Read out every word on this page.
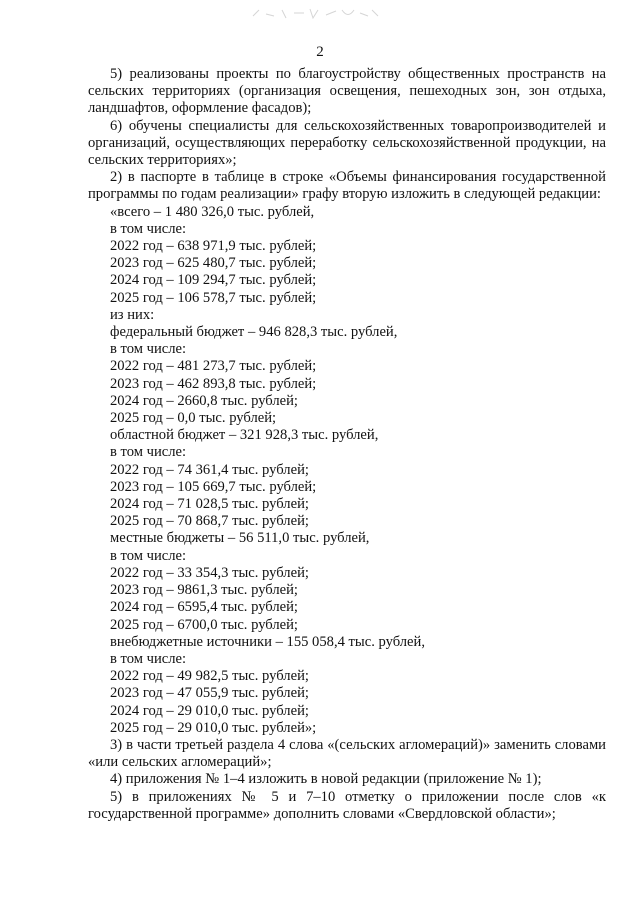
2

5) реализованы проекты по благоустройству общественных пространств на сельских территориях (организация освещения, пешеходных зон, зон отдыха, ландшафтов, оформление фасадов);

6) обучены специалисты для сельскохозяйственных товаропроизводителей и организаций, осуществляющих переработку сельскохозяйственной продукции, на сельских территориях»;

2) в паспорте в таблице в строке «Объемы финансирования государственной программы по годам реализации» графу вторую изложить в следующей редакции:

«всего – 1 480 326,0 тыс. рублей,
в том числе:
2022 год – 638 971,9 тыс. рублей;
2023 год – 625 480,7 тыс. рублей;
2024 год – 109 294,7 тыс. рублей;
2025 год – 106 578,7 тыс. рублей;
из них:
федеральный бюджет – 946 828,3 тыс. рублей,
в том числе:
2022 год – 481 273,7 тыс. рублей;
2023 год – 462 893,8 тыс. рублей;
2024 год – 2660,8 тыс. рублей;
2025 год – 0,0 тыс. рублей;
областной бюджет – 321 928,3 тыс. рублей,
в том числе:
2022 год – 74 361,4 тыс. рублей;
2023 год – 105 669,7 тыс. рублей;
2024 год – 71 028,5 тыс. рублей;
2025 год – 70 868,7 тыс. рублей;
местные бюджеты – 56 511,0 тыс. рублей,
в том числе:
2022 год – 33 354,3 тыс. рублей;
2023 год – 9861,3 тыс. рублей;
2024 год – 6595,4 тыс. рублей;
2025 год – 6700,0 тыс. рублей;
внебюджетные источники – 155 058,4 тыс. рублей,
в том числе:
2022 год – 49 982,5 тыс. рублей;
2023 год – 47 055,9 тыс. рублей;
2024 год – 29 010,0 тыс. рублей;
2025 год – 29 010,0 тыс. рублей»;

3) в части третьей раздела 4 слова «(сельских агломераций)» заменить словами «или сельских агломераций»;

4) приложения № 1–4 изложить в новой редакции (приложение № 1);

5) в приложениях № 5 и 7–10 отметку о приложении после слов «к государственной программе» дополнить словами «Свердловской области»;
